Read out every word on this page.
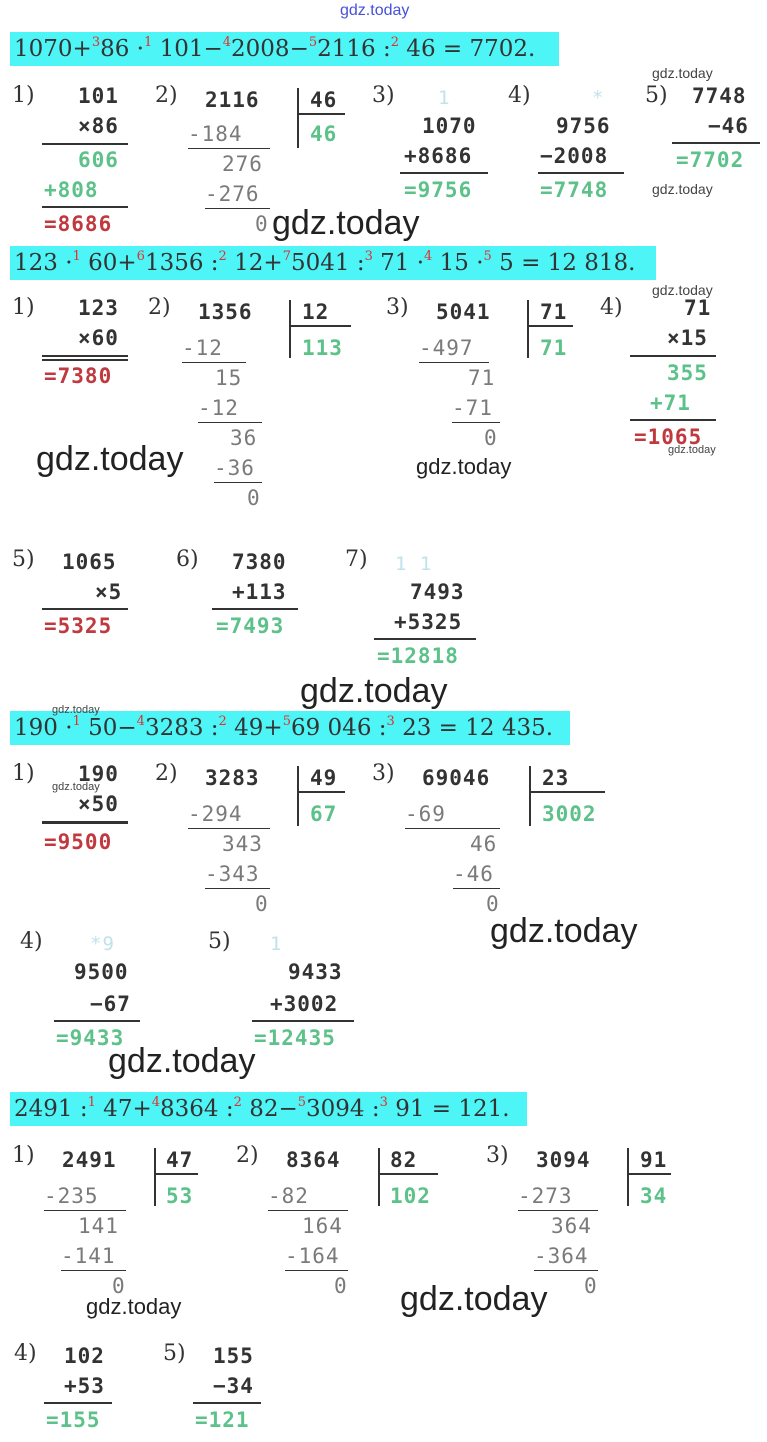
gdz.today
1070+$^3$86 ·$^1$ 101−$^4$2008−$^5$2116 :$^2$ 46 = 7702.
1) 101
×86
606
+808
=8686
2) 2116 46
46
-184
276
-276
0
3) 1
1070
+8686
=9756
4)	*
9756
−2008
=7748
5) 7748
−46
=7702
gdz.today
gdz.today
gdz.today
123 ·$^1$ 60+$^6$1356 :$^2$ 12+$^7$5041 :$^3$ 71 ·$^4$ 15 ·$^5$ 5 = 12 818.
1) 123
×60
=7380
2) 1356 12
113
-12
15
-12
36
-36
0
3) 5041 71
71
-497
71
-71
0
4)	71
×15
355
+71
=1065
gdz.today
gdz.today
gdz.today	gdz.today
5) 1065
×5
=5325
6) 7380
+113
=7493
7) 1 1
7493
+5325
=12818
gdz.today
190 ·$^1$ 50−$^4$3283 :$^2$ 49+$^5$69 046 :$^3$ 23 = 12 435.
gdz.today
1) 190
gdz.today
×50
=9500
2) 3283 49
67
-294
343
-343
0
3) 69046 23
3002
-69
46
-46
0
gdz.today
4) *9
9500
−67
=9433
5) 1
9433
+3002
=12435
gdz.today
2491 :$^1$ 47+$^4$8364 :$^2$ 82−$^5$3094 :$^3$ 91 = 121.
1) 2491 47
53
-235
141
-141
0
2) 8364 82
102
-82
164
-164
0
3) 3094 91
34
-273
364
-364
0
gdz.today	gdz.today
4) 102
+53
=155
5) 155
−34
=121
